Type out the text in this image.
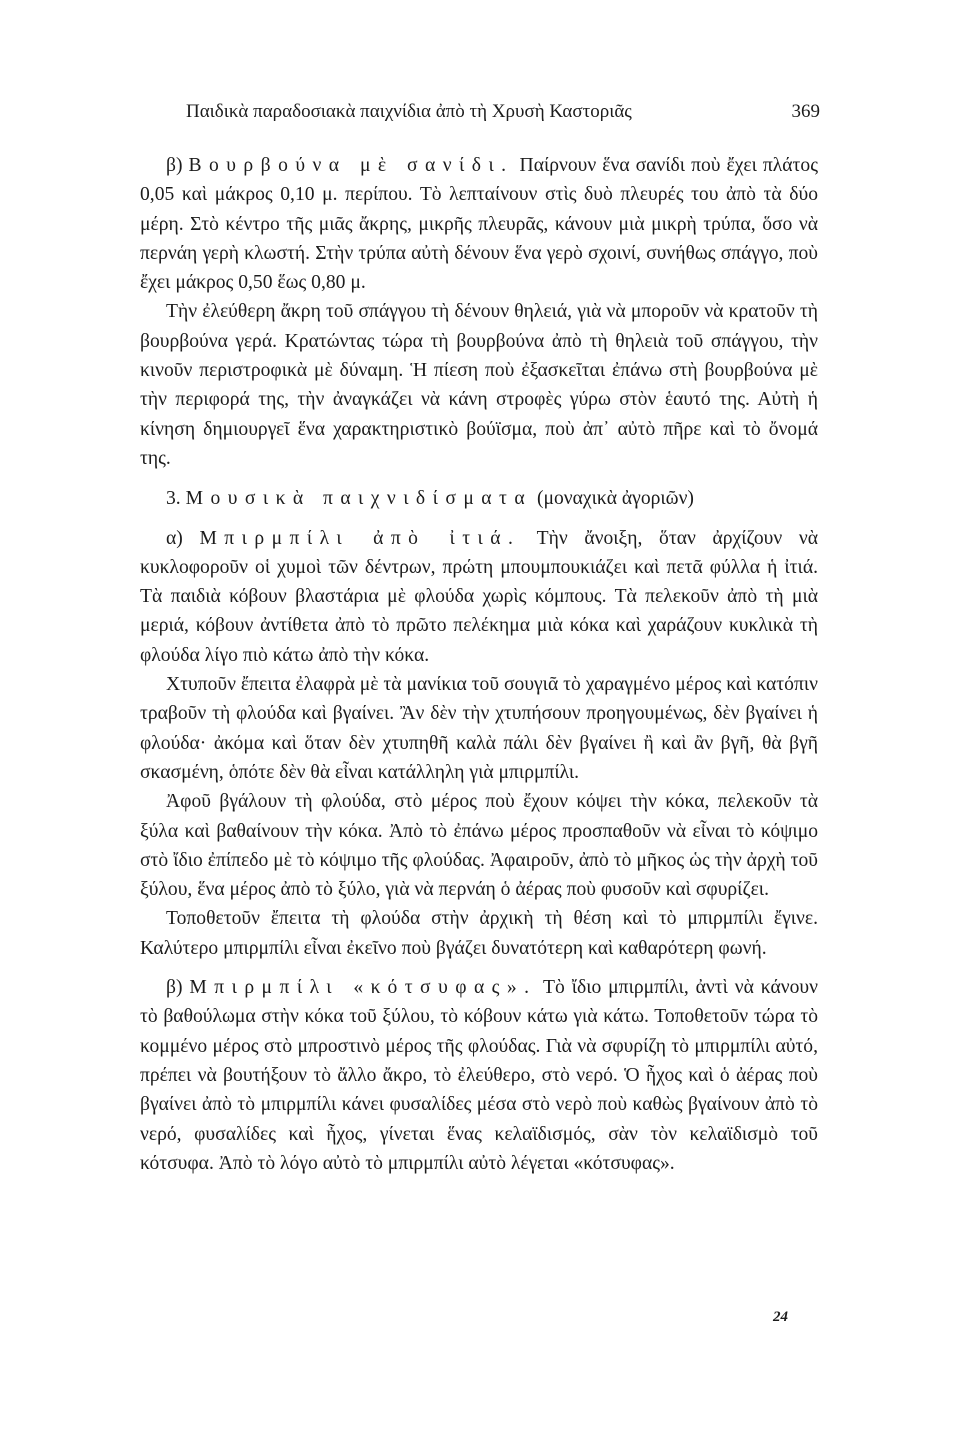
Παιδικὰ παραδοσιακὰ παιχνίδια ἀπὸ τὴ Χρυσὴ Καστοριᾶς	369

β) Βουρβούνα μὲ σανίδι. Παίρνουν ἕνα σανίδι ποὺ ἔχει πλάτος 0,05 καὶ μάκρος 0,10 μ. περίπου. Τὸ λεπταίνουν στὶς δυὸ πλευρές του ἀπὸ τὰ δύο μέρη. Στὸ κέντρο τῆς μιᾶς ἄκρης, μικρῆς πλευρᾶς, κάνουν μιὰ μικρὴ τρύπα, ὅσο νὰ περνάη γερὴ κλωστή. Στὴν τρύπα αὐτὴ δένουν ἕνα γερὸ σχοινί, συνήθως σπάγγο, ποὺ ἔχει μάκρος 0,50 ἕως 0,80 μ.

Τὴν ἐλεύθερη ἄκρη τοῦ σπάγγου τὴ δένουν θηλειά, γιὰ νὰ μποροῦν νὰ κρατοῦν τὴ βουρβούνα γερά. Κρατώντας τώρα τὴ βουρβούνα ἀπὸ τὴ θηλειὰ τοῦ σπάγγου, τὴν κινοῦν περιστροφικὰ μὲ δύναμη. Ἡ πίεση ποὺ ἐξασκεῖται ἐπάνω στὴ βουρβούνα μὲ τὴν περιφορά της, τὴν ἀναγκάζει νὰ κάνη στροφὲς γύρω στὸν ἑαυτό της. Αὐτὴ ἡ κίνηση δημιουργεῖ ἕνα χαρακτηριστικὸ βούϊσμα, ποὺ ἀπ᾽ αὐτὸ πῆρε καὶ τὸ ὄνομά της.

3. Μουσικὰ παιχνιδίσματα (μοναχικὰ ἀγοριῶν)

α) Μπιρμπίλι ἀπὸ ἰτιά. Τὴν ἄνοιξη, ὅταν ἀρχίζουν νὰ κυκλοφοροῦν οἱ χυμοὶ τῶν δέντρων, πρώτη μπουμπουκιάζει καὶ πετᾶ φύλλα ἡ ἰτιά. Τὰ παιδιὰ κόβουν βλαστάρια μὲ φλούδα χωρὶς κόμπους. Τὰ πελεκοῦν ἀπὸ τὴ μιὰ μεριά, κόβουν ἀντίθετα ἀπὸ τὸ πρῶτο πελέκημα μιὰ κόκα καὶ χαράζουν κυκλικὰ τὴ φλούδα λίγο πιὸ κάτω ἀπὸ τὴν κόκα.

Χτυποῦν ἔπειτα ἐλαφρὰ μὲ τὰ μανίκια τοῦ σουγιᾶ τὸ χαραγμένο μέρος καὶ κατόπιν τραβοῦν τὴ φλούδα καὶ βγαίνει. Ἂν δὲν τὴν χτυπήσουν προηγουμένως, δὲν βγαίνει ἡ φλούδα· ἀκόμα καὶ ὅταν δὲν χτυπηθῆ καλὰ πάλι δὲν βγαίνει ἢ καὶ ἂν βγῆ, θὰ βγῆ σκασμένη, ὁπότε δὲν θὰ εἶναι κατάλληλη γιὰ μπιρμπίλι.

Ἀφοῦ βγάλουν τὴ φλούδα, στὸ μέρος ποὺ ἔχουν κόψει τὴν κόκα, πελεκοῦν τὰ ξύλα καὶ βαθαίνουν τὴν κόκα. Ἀπὸ τὸ ἐπάνω μέρος προσπαθοῦν νὰ εἶναι τὸ κόψιμο στὸ ἴδιο ἐπίπεδο μὲ τὸ κόψιμο τῆς φλούδας. Ἀφαιροῦν, ἀπὸ τὸ μῆκος ὡς τὴν ἀρχὴ τοῦ ξύλου, ἕνα μέρος ἀπὸ τὸ ξύλο, γιὰ νὰ περνάη ὁ ἀέρας ποὺ φυσοῦν καὶ σφυρίζει.

Τοποθετοῦν ἔπειτα τὴ φλούδα στὴν ἀρχικὴ τὴ θέση καὶ τὸ μπιρμπίλι ἔγινε. Καλύτερο μπιρμπίλι εἶναι ἐκεῖνο ποὺ βγάζει δυνατότερη καὶ καθαρότερη φωνή.

β) Μπιρμπίλι «κότσυφας». Τὸ ἴδιο μπιρμπίλι, ἀντὶ νὰ κάνουν τὸ βαθούλωμα στὴν κόκα τοῦ ξύλου, τὸ κόβουν κάτω γιὰ κάτω. Τοποθετοῦν τώρα τὸ κομμένο μέρος στὸ μπροστινὸ μέρος τῆς φλούδας. Γιὰ νὰ σφυρίζη τὸ μπιρμπίλι αὐτό, πρέπει νὰ βουτήξουν τὸ ἄλλο ἄκρο, τὸ ἐλεύθερο, στὸ νερό. Ὁ ἦχος καὶ ὁ ἀέρας ποὺ βγαίνει ἀπὸ τὸ μπιρμπίλι κάνει φυσαλίδες μέσα στὸ νερὸ ποὺ καθὼς βγαίνουν ἀπὸ τὸ νερό, φυσαλίδες καὶ ἦχος, γίνεται ἕνας κελαϊδισμός, σὰν τὸν κελαϊδισμὸ τοῦ κότσυφα. Ἀπὸ τὸ λόγο αὐτὸ τὸ μπιρμπίλι αὐτὸ λέγεται «κότσυφας».

24
